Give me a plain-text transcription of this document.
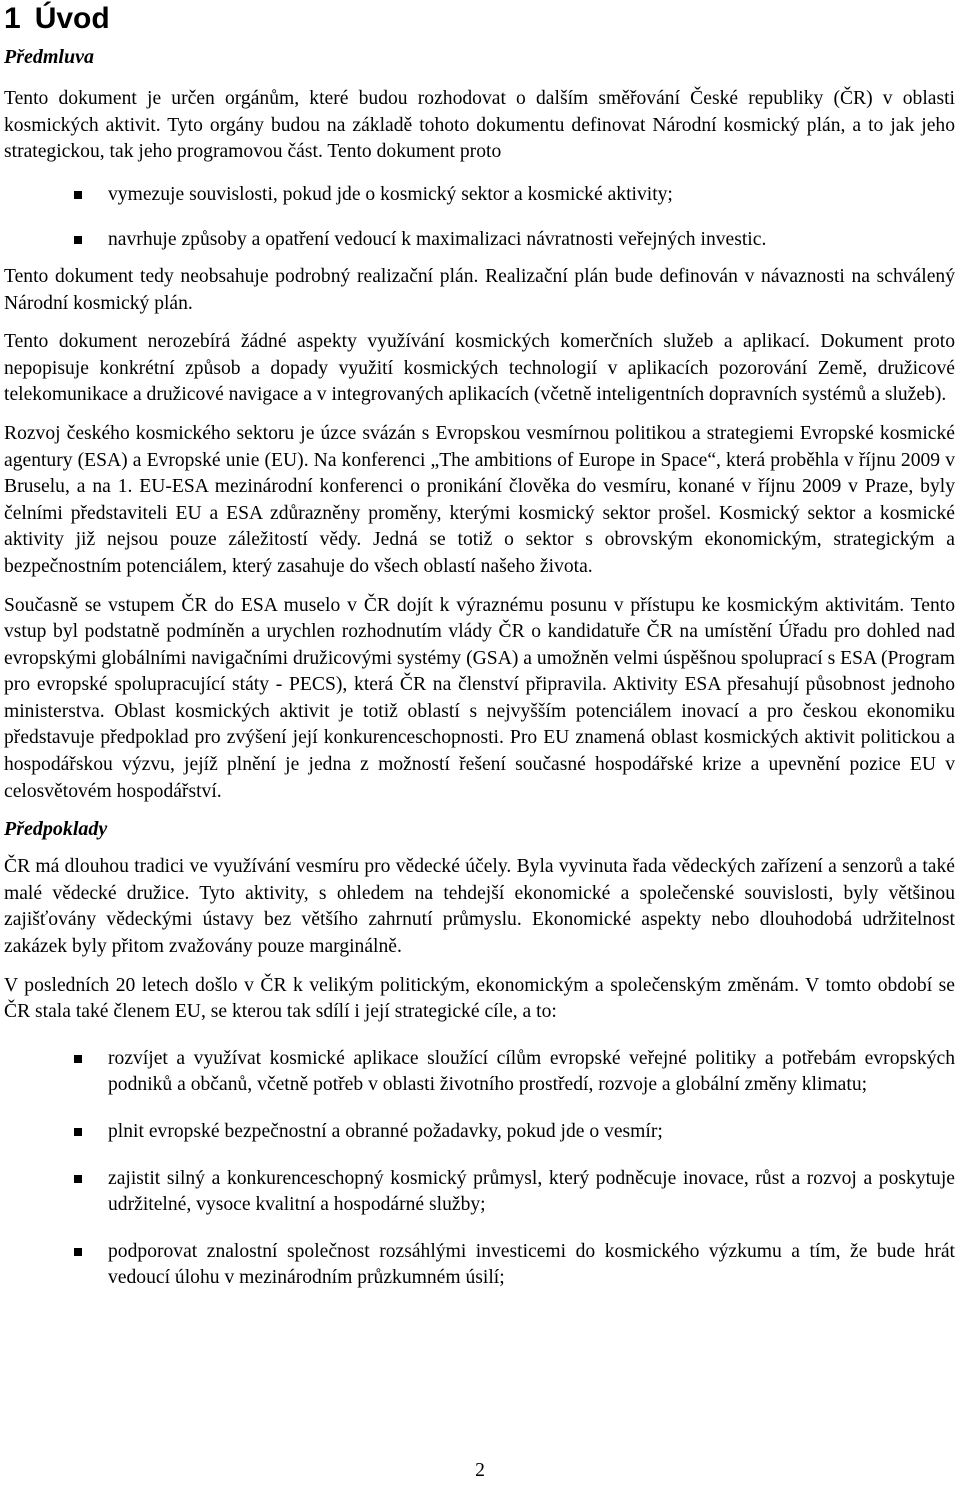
1 Úvod
Předmluva

Tento dokument je určen orgánům, které budou rozhodovat o dalším směřování České republiky (ČR) v oblasti kosmických aktivit. Tyto orgány budou na základě tohoto dokumentu definovat Národní kosmický plán, a to jak jeho strategickou, tak jeho programovou část. Tento dokument proto

vymezuje souvislosti, pokud jde o kosmický sektor a kosmické aktivity;
navrhuje způsoby a opatření vedoucí k maximalizaci návratnosti veřejných investic.

Tento dokument tedy neobsahuje podrobný realizační plán. Realizační plán bude definován v návaznosti na schválený Národní kosmický plán.

Tento dokument nerozebírá žádné aspekty využívání kosmických komerčních služeb a aplikací. Dokument proto nepopisuje konkrétní způsob a dopady využití kosmických technologií v aplikacích pozorování Země, družicové telekomunikace a družicové navigace a v integrovaných aplikacích (včetně inteligentních dopravních systémů a služeb).

Rozvoj českého kosmického sektoru je úzce svázán s Evropskou vesmírnou politikou a strategiemi Evropské kosmické agentury (ESA) a Evropské unie (EU). Na konferenci „The ambitions of Europe in Space“, která proběhla v říjnu 2009 v Bruselu, a na 1. EU-ESA mezinárodní konferenci o pronikání člověka do vesmíru, konané v říjnu 2009 v Praze, byly čelními představiteli EU a ESA zdůrazněny proměny, kterými kosmický sektor prošel. Kosmický sektor a kosmické aktivity již nejsou pouze záležitostí vědy. Jedná se totiž o sektor s obrovským ekonomickým, strategickým a bezpečnostním potenciálem, který zasahuje do všech oblastí našeho života.

Současně se vstupem ČR do ESA muselo v ČR dojít k výraznému posunu v přístupu ke kosmickým aktivitám. Tento vstup byl podstatně podmíněn a urychlen rozhodnutím vlády ČR o kandidatuře ČR na umístění Úřadu pro dohled nad evropskými globálními navigačními družicovými systémy (GSA) a umožněn velmi úspěšnou spoluprací s ESA (Program pro evropské spolupracující státy - PECS), která ČR na členství připravila. Aktivity ESA přesahují působnost jednoho ministerstva. Oblast kosmických aktivit je totiž oblastí s nejvyšším potenciálem inovací a pro českou ekonomiku představuje předpoklad pro zvýšení její konkurenceschopnosti. Pro EU znamená oblast kosmických aktivit politickou a hospodářskou výzvu, jejíž plnění je jedna z možností řešení současné hospodářské krize a upevnění pozice EU v celosvětovém hospodářství.

Předpoklady

ČR má dlouhou tradici ve využívání vesmíru pro vědecké účely. Byla vyvinuta řada vědeckých zařízení a senzorů a také malé vědecké družice. Tyto aktivity, s ohledem na tehdejší ekonomické a společenské souvislosti, byly většinou zajišťovány vědeckými ústavy bez většího zahrnutí průmyslu. Ekonomické aspekty nebo dlouhodobá udržitelnost zakázek byly přitom zvažovány pouze marginálně.

V posledních 20 letech došlo v ČR k velikým politickým, ekonomickým a společenským změnám. V tomto období se ČR stala také členem EU, se kterou tak sdílí i její strategické cíle, a to:

rozvíjet a využívat kosmické aplikace sloužící cílům evropské veřejné politiky a potřebám evropských podniků a občanů, včetně potřeb v oblasti životního prostředí, rozvoje a globální změny klimatu;
plnit evropské bezpečnostní a obranné požadavky, pokud jde o vesmír;
zajistit silný a konkurenceschopný kosmický průmysl, který podněcuje inovace, růst a rozvoj a poskytuje udržitelné, vysoce kvalitní a hospodárné služby;
podporovat znalostní společnost rozsáhlými investicemi do kosmického výzkumu a tím, že bude hrát vedoucí úlohu v mezinárodním průzkumném úsilí;
2
